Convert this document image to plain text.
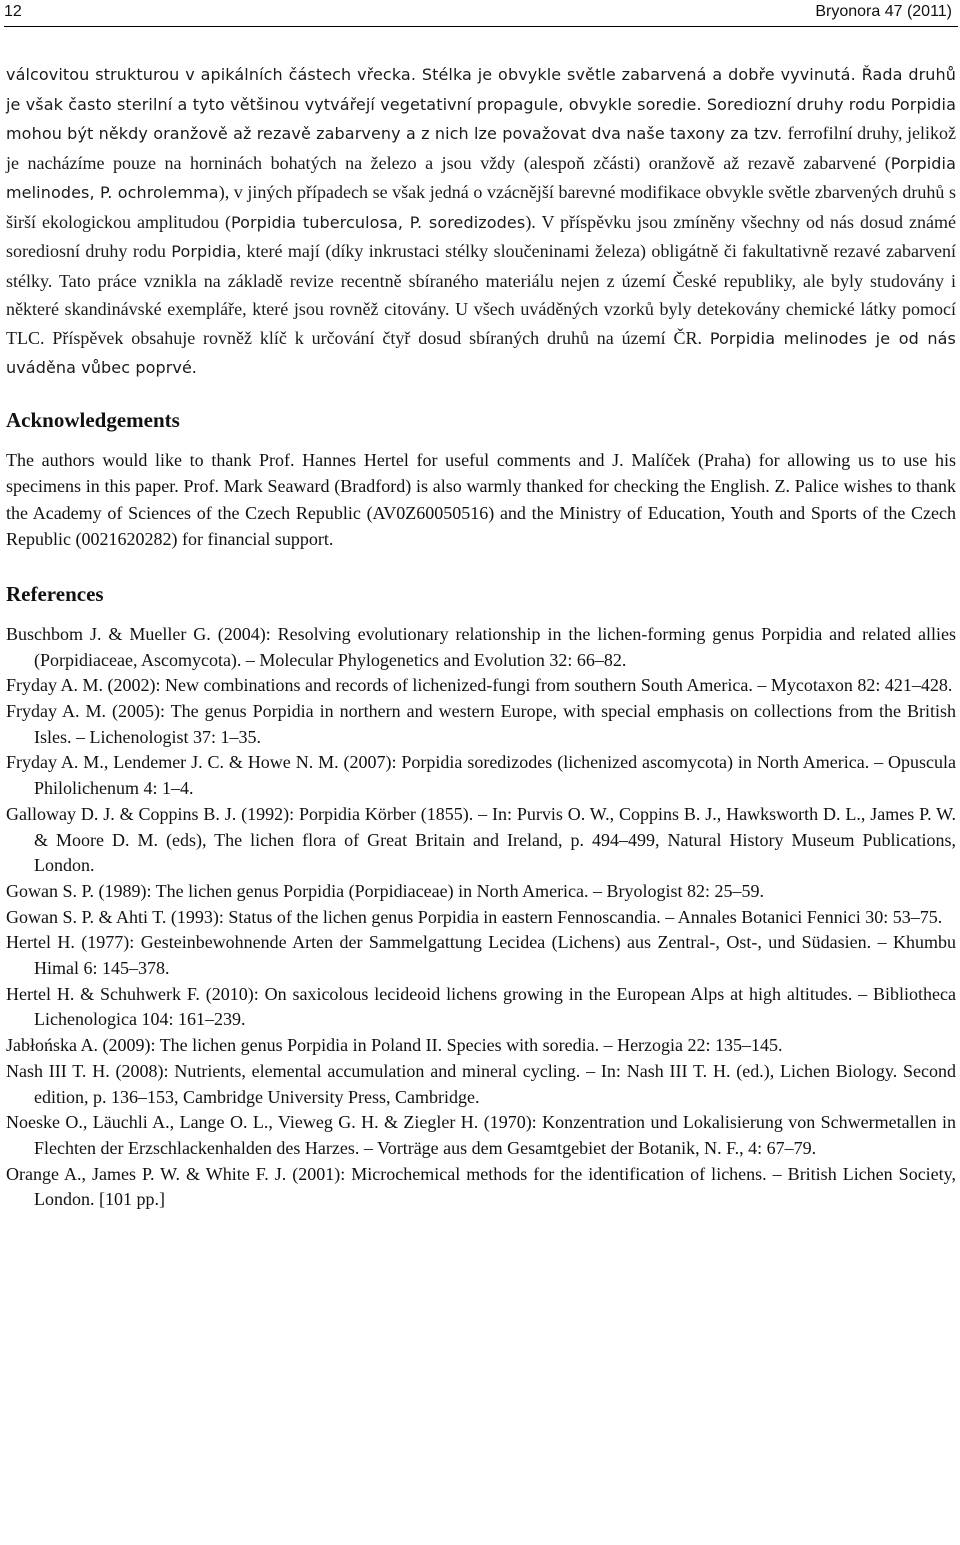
12	Bryonora 47 (2011)

válcovitou strukturou v apikálních částech vřecka. Stélka je obvykle světle zabarvená a dobře vyvinutá. Řada druhů je však často sterilní a tyto většinou vytvářejí vegetativní propagule, obvykle soredie. Sorediozní druhy rodu Porpidia mohou být někdy oranžově až rezavě zabarveny a z nich lze považovat dva naše taxony za tzv. ferrofilní druhy, jelikož je nacházíme pouze na horninách bohatých na železo a jsou vždy (alespoň zčásti) oranžově až rezavě zabarvené (Porpidia melinodes, P. ochrolemma), v jiných případech se však jedná o vzácnější barevné modifikace obvykle světle zbarvených druhů s širší ekologickou amplitudou (Porpidia tuberculosa, P. soredizodes). V příspěvku jsou zmíněny všechny od nás dosud známé sorediosní druhy rodu Porpidia, které mají (díky inkrustaci stélky sloučeninami železa) obligátně či fakultativně rezavé zabarvení stélky. Tato práce vznikla na základě revize recentně sbíraného materiálu nejen z území České republiky, ale byly studovány i některé skandinávské exempláře, které jsou rovněž citovány. U všech uváděných vzorků byly detekovány chemické látky pomocí TLC. Příspěvek obsahuje rovněž klíč k určování čtyř dosud sbíraných druhů na území ČR. Porpidia melinodes je od nás uváděna vůbec poprvé.

Acknowledgements

The authors would like to thank Prof. Hannes Hertel for useful comments and J. Malíček (Praha) for allowing us to use his specimens in this paper. Prof. Mark Seaward (Bradford) is also warmly thanked for checking the English. Z. Palice wishes to thank the Academy of Sciences of the Czech Republic (AV0Z60050516) and the Ministry of Education, Youth and Sports of the Czech Republic (0021620282) for financial support.

References
Buschbom J. & Mueller G. (2004): Resolving evolutionary relationship in the lichen-forming genus Porpidia and related allies (Porpidiaceae, Ascomycota). – Molecular Phylogenetics and Evolution 32: 66–82.
Fryday A. M. (2002): New combinations and records of lichenized-fungi from southern South America. – Mycotaxon 82: 421–428.
Fryday A. M. (2005): The genus Porpidia in northern and western Europe, with special emphasis on collections from the British Isles. – Lichenologist 37: 1–35.
Fryday A. M., Lendemer J. C. & Howe N. M. (2007): Porpidia soredizodes (lichenized ascomycota) in North America. – Opuscula Philolichenum 4: 1–4.
Galloway D. J. & Coppins B. J. (1992): Porpidia Körber (1855). – In: Purvis O. W., Coppins B. J., Hawksworth D. L., James P. W. & Moore D. M. (eds), The lichen flora of Great Britain and Ireland, p. 494–499, Natural History Museum Publications, London.
Gowan S. P. (1989): The lichen genus Porpidia (Porpidiaceae) in North America. – Bryologist 82: 25–59.
Gowan S. P. & Ahti T. (1993): Status of the lichen genus Porpidia in eastern Fennoscandia. – Annales Botanici Fennici 30: 53–75.
Hertel H. (1977): Gesteinbewohnende Arten der Sammelgattung Lecidea (Lichens) aus Zentral-, Ost-, und Südasien. – Khumbu Himal 6: 145–378.
Hertel H. & Schuhwerk F. (2010): On saxicolous lecideoid lichens growing in the European Alps at high altitudes. – Bibliotheca Lichenologica 104: 161–239.
Jabłońska A. (2009): The lichen genus Porpidia in Poland II. Species with soredia. – Herzogia 22: 135–145.
Nash III T. H. (2008): Nutrients, elemental accumulation and mineral cycling. – In: Nash III T. H. (ed.), Lichen Biology. Second edition, p. 136–153, Cambridge University Press, Cambridge.
Noeske O., Läuchli A., Lange O. L., Vieweg G. H. & Ziegler H. (1970): Konzentration und Lokalisierung von Schwermetallen in Flechten der Erzschlackenhalden des Harzes. – Vorträge aus dem Gesamtgebiet der Botanik, N. F., 4: 67–79.
Orange A., James P. W. & White F. J. (2001): Microchemical methods for the identification of lichens. – British Lichen Society, London. [101 pp.]
